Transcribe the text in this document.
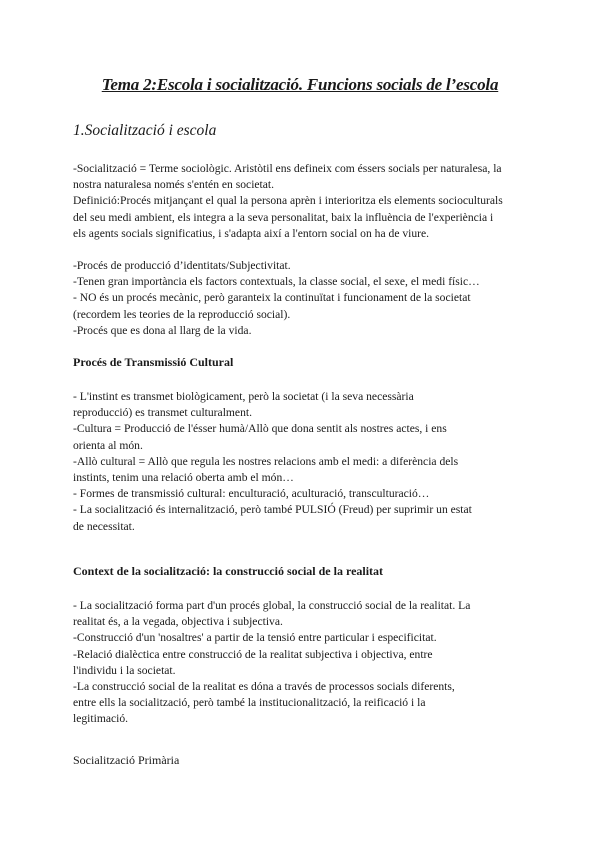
Tema 2:Escola i socialització. Funcions socials de l’escola
1.Socialització i escola

-Socialització = Terme sociològic. Aristòtil ens defineix com éssers socials per naturalesa, la

nostra naturalesa només s'entén en societat.

Definició:Procés mitjançant el qual la persona aprèn i interioritza els elements socioculturals

del seu medi ambient, els integra a la seva personalitat, baix la influència de l'experiència i

els agents socials significatius, i s'adapta així a l'entorn social on ha de viure.

-Procés de producció d’identitats/Subjectivitat.

-Tenen gran importància els factors contextuals, la classe social, el sexe, el medi físic…

- NO és un procés mecànic, però garanteix la continuïtat i funcionament de la societat

(recordem les teories de la reproducció social).

-Procés que es dona al llarg de la vida.

Procés de Transmissió Cultural

- L'instint es transmet biològicament, però la societat (i la seva necessària

reproducció) es transmet culturalment.

-Cultura = Producció de l'ésser humà/Allò que dona sentit als nostres actes, i ens

orienta al món.

-Allò cultural = Allò que regula les nostres relacions amb el medi: a diferència dels

instints, tenim una relació oberta amb el món…

- Formes de transmissió cultural: enculturació, aculturació, transculturació…

- La socialització és internalització, però també PULSIÓ (Freud) per suprimir un estat

de necessitat.

Context de la socialització: la construcció social de la realitat

- La socialització forma part d'un procés global, la construcció social de la realitat. La

realitat és, a la vegada, objectiva i subjectiva.

-Construcció d'un 'nosaltres' a partir de la tensió entre particular i especificitat.

-Relació dialèctica entre construcció de la realitat subjectiva i objectiva, entre

l'individu i la societat.

-La construcció social de la realitat es dóna a través de processos socials diferents,

entre ells la socialització, però també la institucionalització, la reificació i la

legitimació.

Socialització Primària
